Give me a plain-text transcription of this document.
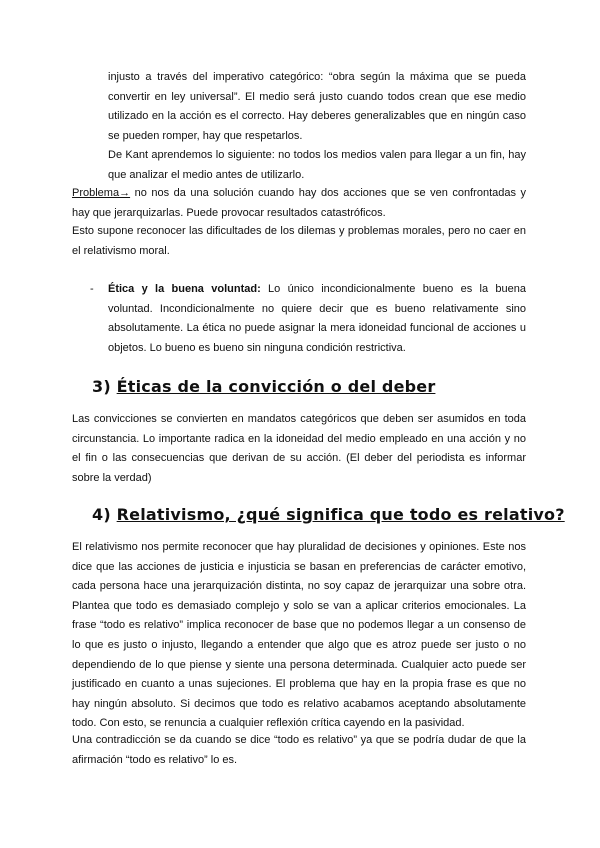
injusto a través del imperativo categórico: “obra según la máxima que se pueda convertir en ley universal”. El medio será justo cuando todos crean que ese medio utilizado en la acción es el correcto. Hay deberes generalizables que en ningún caso se pueden romper, hay que respetarlos.

De Kant aprendemos lo siguiente: no todos los medios valen para llegar a un fin, hay que analizar el medio antes de utilizarlo.

Problema→ no nos da una solución cuando hay dos acciones que se ven confrontadas y hay que jerarquizarlas. Puede provocar resultados catastróficos.

Esto supone reconocer las dificultades de los dilemas y problemas morales, pero no caer en el relativismo moral.

- Ética y la buena voluntad: Lo único incondicionalmente bueno es la buena voluntad. Incondicionalmente no quiere decir que es bueno relativamente sino absolutamente. La ética no puede asignar la mera idoneidad funcional de acciones u objetos. Lo bueno es bueno sin ninguna condición restrictiva.

3) Éticas de la convicción o del deber

Las convicciones se convierten en mandatos categóricos que deben ser asumidos en toda circunstancia. Lo importante radica en la idoneidad del medio empleado en una acción y no el fin o las consecuencias que derivan de su acción. (El deber del periodista es informar sobre la verdad)

4) Relativismo, ¿qué significa que todo es relativo?

El relativismo nos permite reconocer que hay pluralidad de decisiones y opiniones. Este nos dice que las acciones de justicia e injusticia se basan en preferencias de carácter emotivo, cada persona hace una jerarquización distinta, no soy capaz de jerarquizar una sobre otra. Plantea que todo es demasiado complejo y solo se van a aplicar criterios emocionales. La frase “todo es relativo” implica reconocer de base que no podemos llegar a un consenso de lo que es justo o injusto, llegando a entender que algo que es atroz puede ser justo o no dependiendo de lo que piense y siente una persona determinada. Cualquier acto puede ser justificado en cuanto a unas sujeciones. El problema que hay en la propia frase es que no hay ningún absoluto. Si decimos que todo es relativo acabamos aceptando absolutamente todo. Con esto, se renuncia a cualquier reflexión crítica cayendo en la pasividad.

Una contradicción se da cuando se dice “todo es relativo” ya que se podría dudar de que la afirmación “todo es relativo” lo es.
